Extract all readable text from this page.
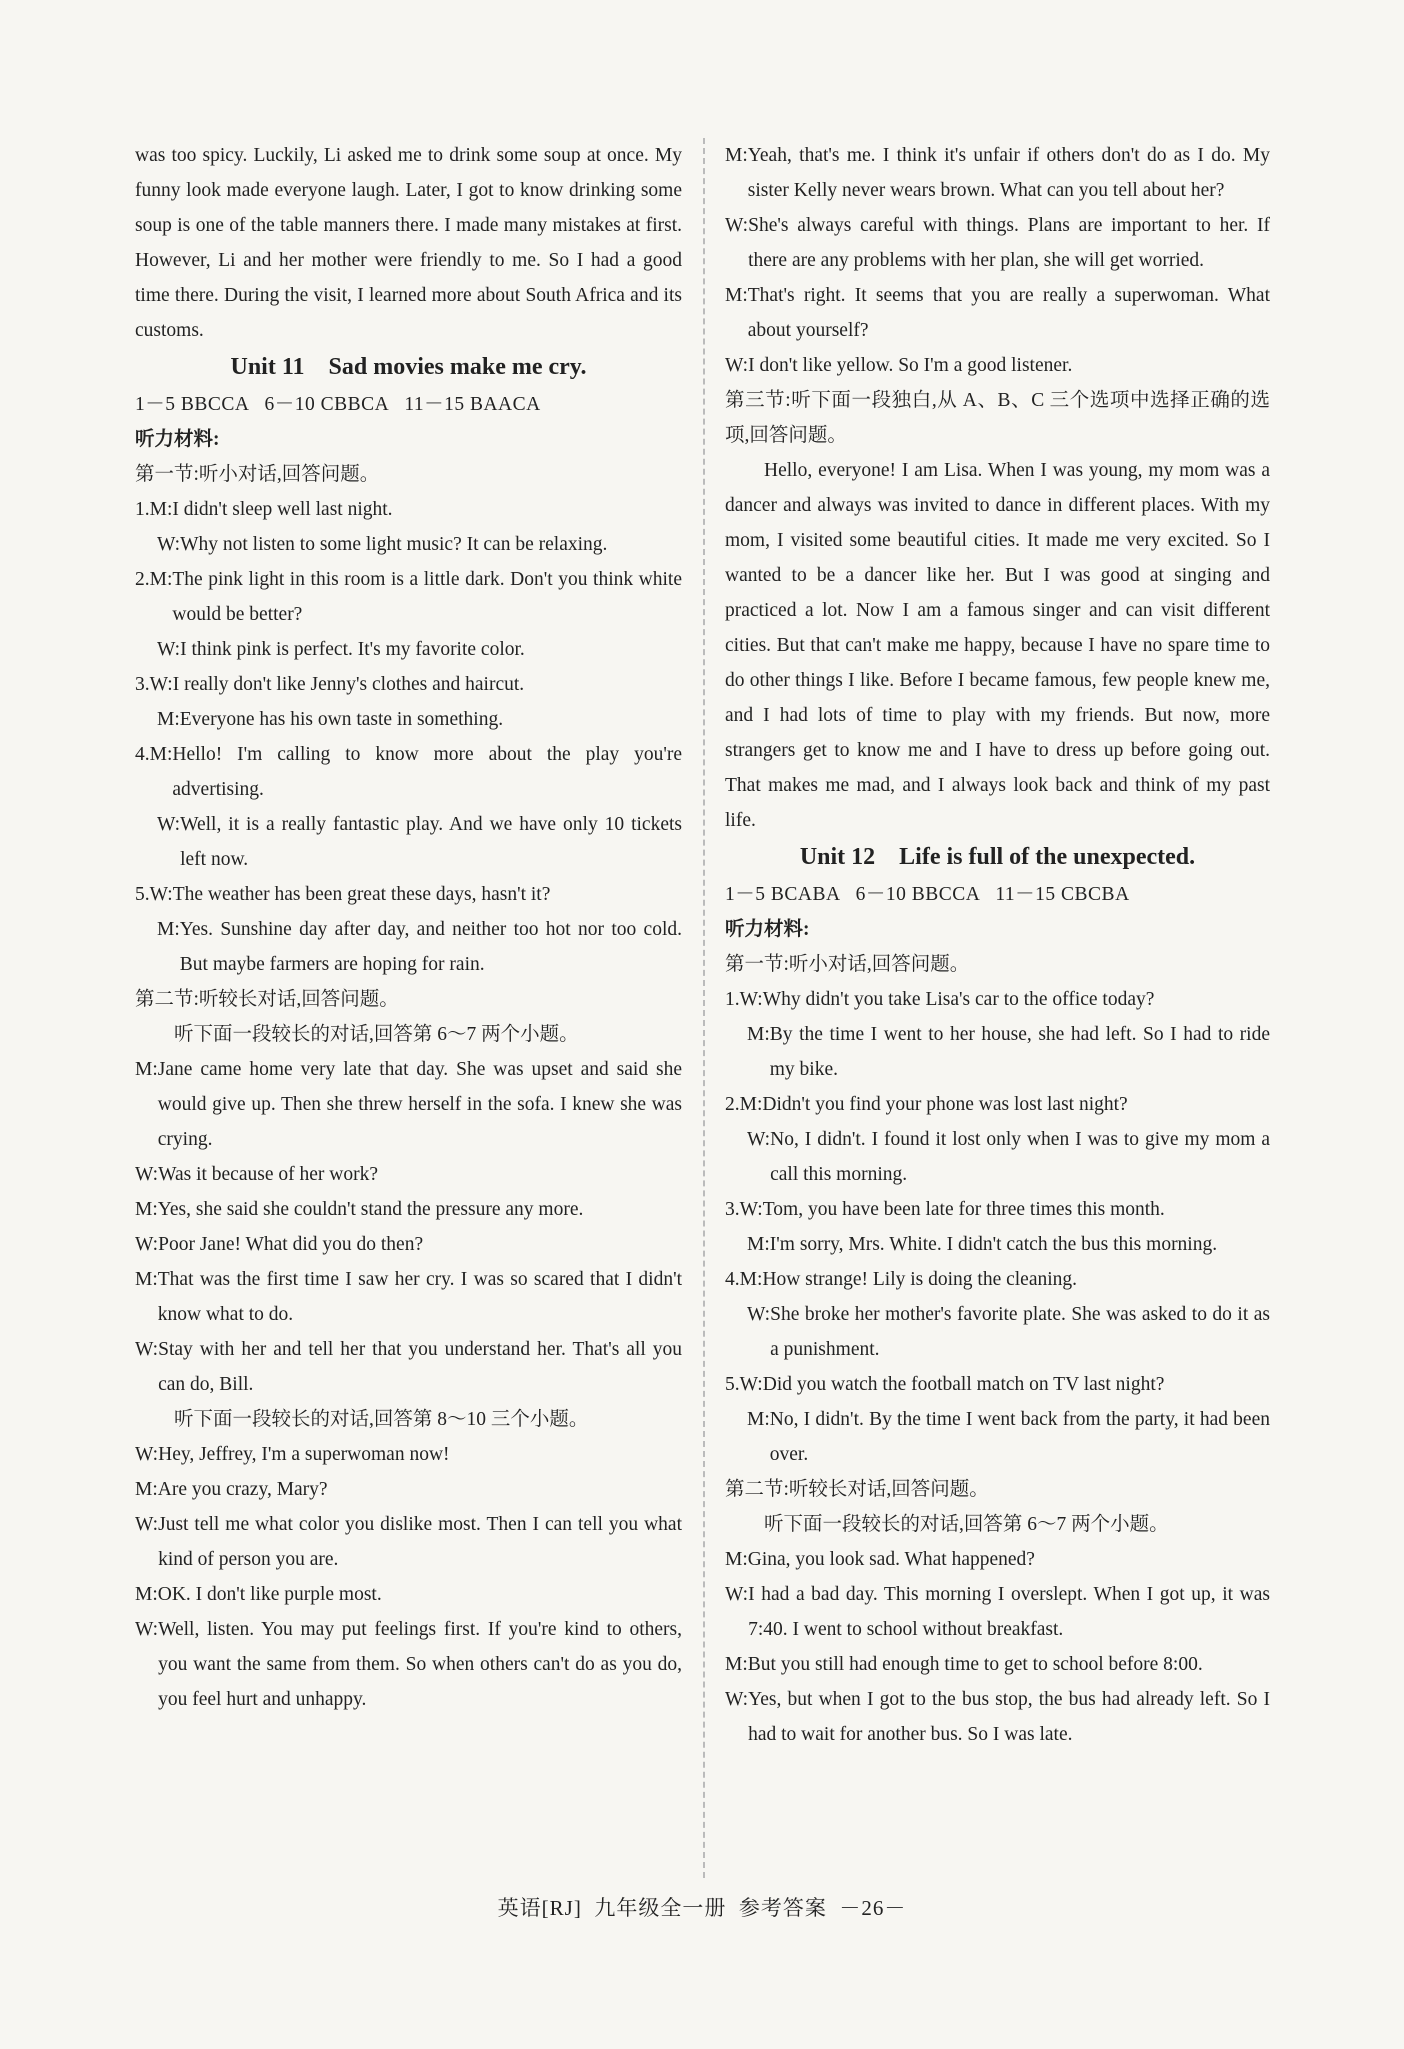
was too spicy. Luckily, Li asked me to drink some soup at once. My funny look made everyone laugh. Later, I got to know drinking some soup is one of the table manners there. I made many mistakes at first. However, Li and her mother were friendly to me. So I had a good time there. During the visit, I learned more about South Africa and its customs.
Unit 11    Sad movies make me cry.
1－5 BBCCA   6－10 CBBCA   11－15 BAACA
听力材料:
第一节:听小对话,回答问题。
1. M: I didn't sleep well last night.
W: Why not listen to some light music? It can be relaxing.
2. M: The pink light in this room is a little dark. Don't you think white would be better?
W: I think pink is perfect. It's my favorite color.
3. W: I really don't like Jenny's clothes and haircut.
M: Everyone has his own taste in something.
4. M: Hello! I'm calling to know more about the play you're advertising.
W: Well, it is a really fantastic play. And we have only 10 tickets left now.
5. W: The weather has been great these days, hasn't it?
M: Yes. Sunshine day after day, and neither too hot nor too cold. But maybe farmers are hoping for rain.
第二节:听较长对话,回答问题。
听下面一段较长的对话,回答第 6～7 两个小题。
M: Jane came home very late that day. She was upset and said she would give up. Then she threw herself in the sofa. I knew she was crying.
W: Was it because of her work?
M: Yes, she said she couldn't stand the pressure any more.
W: Poor Jane! What did you do then?
M: That was the first time I saw her cry. I was so scared that I didn't know what to do.
W: Stay with her and tell her that you understand her. That's all you can do, Bill.
听下面一段较长的对话,回答第 8～10 三个小题。
W: Hey, Jeffrey, I'm a superwoman now!
M: Are you crazy, Mary?
W: Just tell me what color you dislike most. Then I can tell you what kind of person you are.
M: OK. I don't like purple most.
W: Well, listen. You may put feelings first. If you're kind to others, you want the same from them. So when others can't do as you do, you feel hurt and unhappy.
M: Yeah, that's me. I think it's unfair if others don't do as I do. My sister Kelly never wears brown. What can you tell about her?
W: She's always careful with things. Plans are important to her. If there are any problems with her plan, she will get worried.
M: That's right. It seems that you are really a superwoman. What about yourself?
W: I don't like yellow. So I'm a good listener.
第三节:听下面一段独白,从 A、B、C 三个选项中选择正确的选项,回答问题。
Hello, everyone! I am Lisa. When I was young, my mom was a dancer and always was invited to dance in different places. With my mom, I visited some beautiful cities. It made me very excited. So I wanted to be a dancer like her. But I was good at singing and practiced a lot. Now I am a famous singer and can visit different cities. But that can't make me happy, because I have no spare time to do other things I like. Before I became famous, few people knew me, and I had lots of time to play with my friends. But now, more strangers get to know me and I have to dress up before going out. That makes me mad, and I always look back and think of my past life.
Unit 12    Life is full of the unexpected.
1－5 BCABA   6－10 BBCCA   11－15 CBCBA
听力材料:
第一节:听小对话,回答问题。
1. W: Why didn't you take Lisa's car to the office today?
M: By the time I went to her house, she had left. So I had to ride my bike.
2. M: Didn't you find your phone was lost last night?
W: No, I didn't. I found it lost only when I was to give my mom a call this morning.
3. W: Tom, you have been late for three times this month.
M: I'm sorry, Mrs. White. I didn't catch the bus this morning.
4. M: How strange! Lily is doing the cleaning.
W: She broke her mother's favorite plate. She was asked to do it as a punishment.
5. W: Did you watch the football match on TV last night?
M: No, I didn't. By the time I went back from the party, it had been over.
第二节:听较长对话,回答问题。
听下面一段较长的对话,回答第 6～7 两个小题。
M: Gina, you look sad. What happened?
W: I had a bad day. This morning I overslept. When I got up, it was 7:40. I went to school without breakfast.
M: But you still had enough time to get to school before 8:00.
W: Yes, but when I got to the bus stop, the bus had already left. So I had to wait for another bus. So I was late.
英语[RJ]  九年级全一册  参考答案  －26－
